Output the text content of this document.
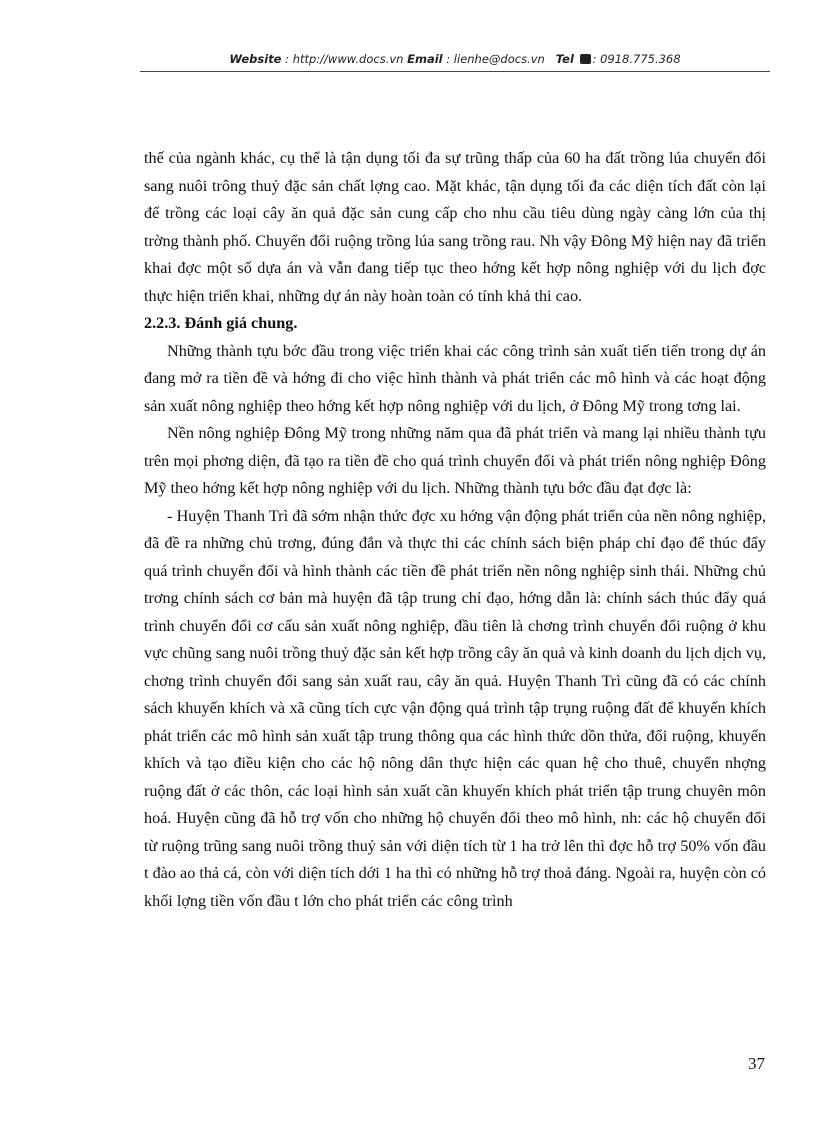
Website : http://www.docs.vn Email : lienhe@docs.vn Tel : 0918.775.368

thế của ngành khác, cụ thể là tận dụng tối đa sự trũng thấp của 60 ha đất trồng lúa chuyển đổi sang nuôi trông thuỷ đặc sản chất lợng cao. Mặt khác, tận dụng tối đa các diện tích đất còn lại để trồng các loại cây ăn quả đặc sản cung cấp cho nhu cầu tiêu dùng ngày càng lớn của thị trờng thành phố. Chuyển đổi ruộng trồng lúa sang trồng rau. Nh vậy Đông Mỹ hiện nay đã triển khai đợc một số dựa án và vẫn đang tiếp tục theo hớng kết hợp nông nghiệp với du lịch đợc thực hiện triển khai, những dự án này hoàn toàn có tính khả thi cao.

2.2.3. Đánh giá chung.

Những thành tựu bớc đầu trong việc triển khai các công trình sản xuất tiến tiến trong dự án đang mở ra tiền đề và hớng đi cho việc hình thành và phát triển các mô hình và các hoạt động sản xuất nông nghiệp theo hớng kết hợp nông nghiệp với du lịch, ở Đông Mỹ trong tơng lai.

Nền nông nghiệp Đông Mỹ trong những năm qua đã phát triển và mang lại nhiều thành tựu trên mọi phơng diện, đã tạo ra tiền đề cho quá trình chuyển đổi và phát triển nông nghiệp Đông Mỹ theo hớng kết hợp nông nghiệp với du lịch. Những thành tựu bớc đầu đạt đợc là:

- Huyện Thanh Trì đã sớm nhận thức đợc xu hớng vận động phát triển của nền nông nghiệp, đã đề ra những chủ trơng, đúng đắn và thực thi các chính sách biện pháp chỉ đạo để thúc đẩy quá trình chuyển đổi và hình thành các tiền đề phát triển nền nông nghiệp sinh thái. Những chủ trơng chính sách cơ bản mà huyện đã tập trung chỉ đạo, hớng dẫn là: chính sách thúc đẩy quá trình chuyển đổi cơ cấu sản xuất nông nghiệp, đầu tiên là chơng trình chuyển đổi ruộng ở khu vực chũng sang nuôi trồng thuỷ đặc sản kết hợp trồng cây ăn quả và kinh doanh du lịch dịch vụ, chơng trình chuyển đổi sang sản xuất rau, cây ăn quả. Huyện Thanh Trì cũng đã có các chính sách khuyến khích và xã cũng tích cực vận động quá trình tập trụng ruộng đất để khuyến khích phát triển các mô hình sản xuất tập trung thông qua các hình thức dồn thửa, đổi ruộng, khuyến khích và tạo điều kiện cho các hộ nông dân thực hiện các quan hệ cho thuê, chuyển nhợng ruộng đất ở các thôn, các loại hình sản xuất cần khuyến khích phát triển tập trung chuyên môn hoá. Huyện cũng đã hỗ trợ vốn cho những hộ chuyển đổi theo mô hình, nh: các hộ chuyển đổi từ ruộng trũng sang nuôi trồng thuỷ sản với diện tích từ 1 ha trở lên thì đợc hỗ trợ 50% vốn đầu t đào ao thả cá, còn với diện tích dới 1 ha thì có những hỗ trợ thoả đáng. Ngoài ra, huyện còn có khối lợng tiền vốn đầu t lớn cho phát triển các công trình

37
